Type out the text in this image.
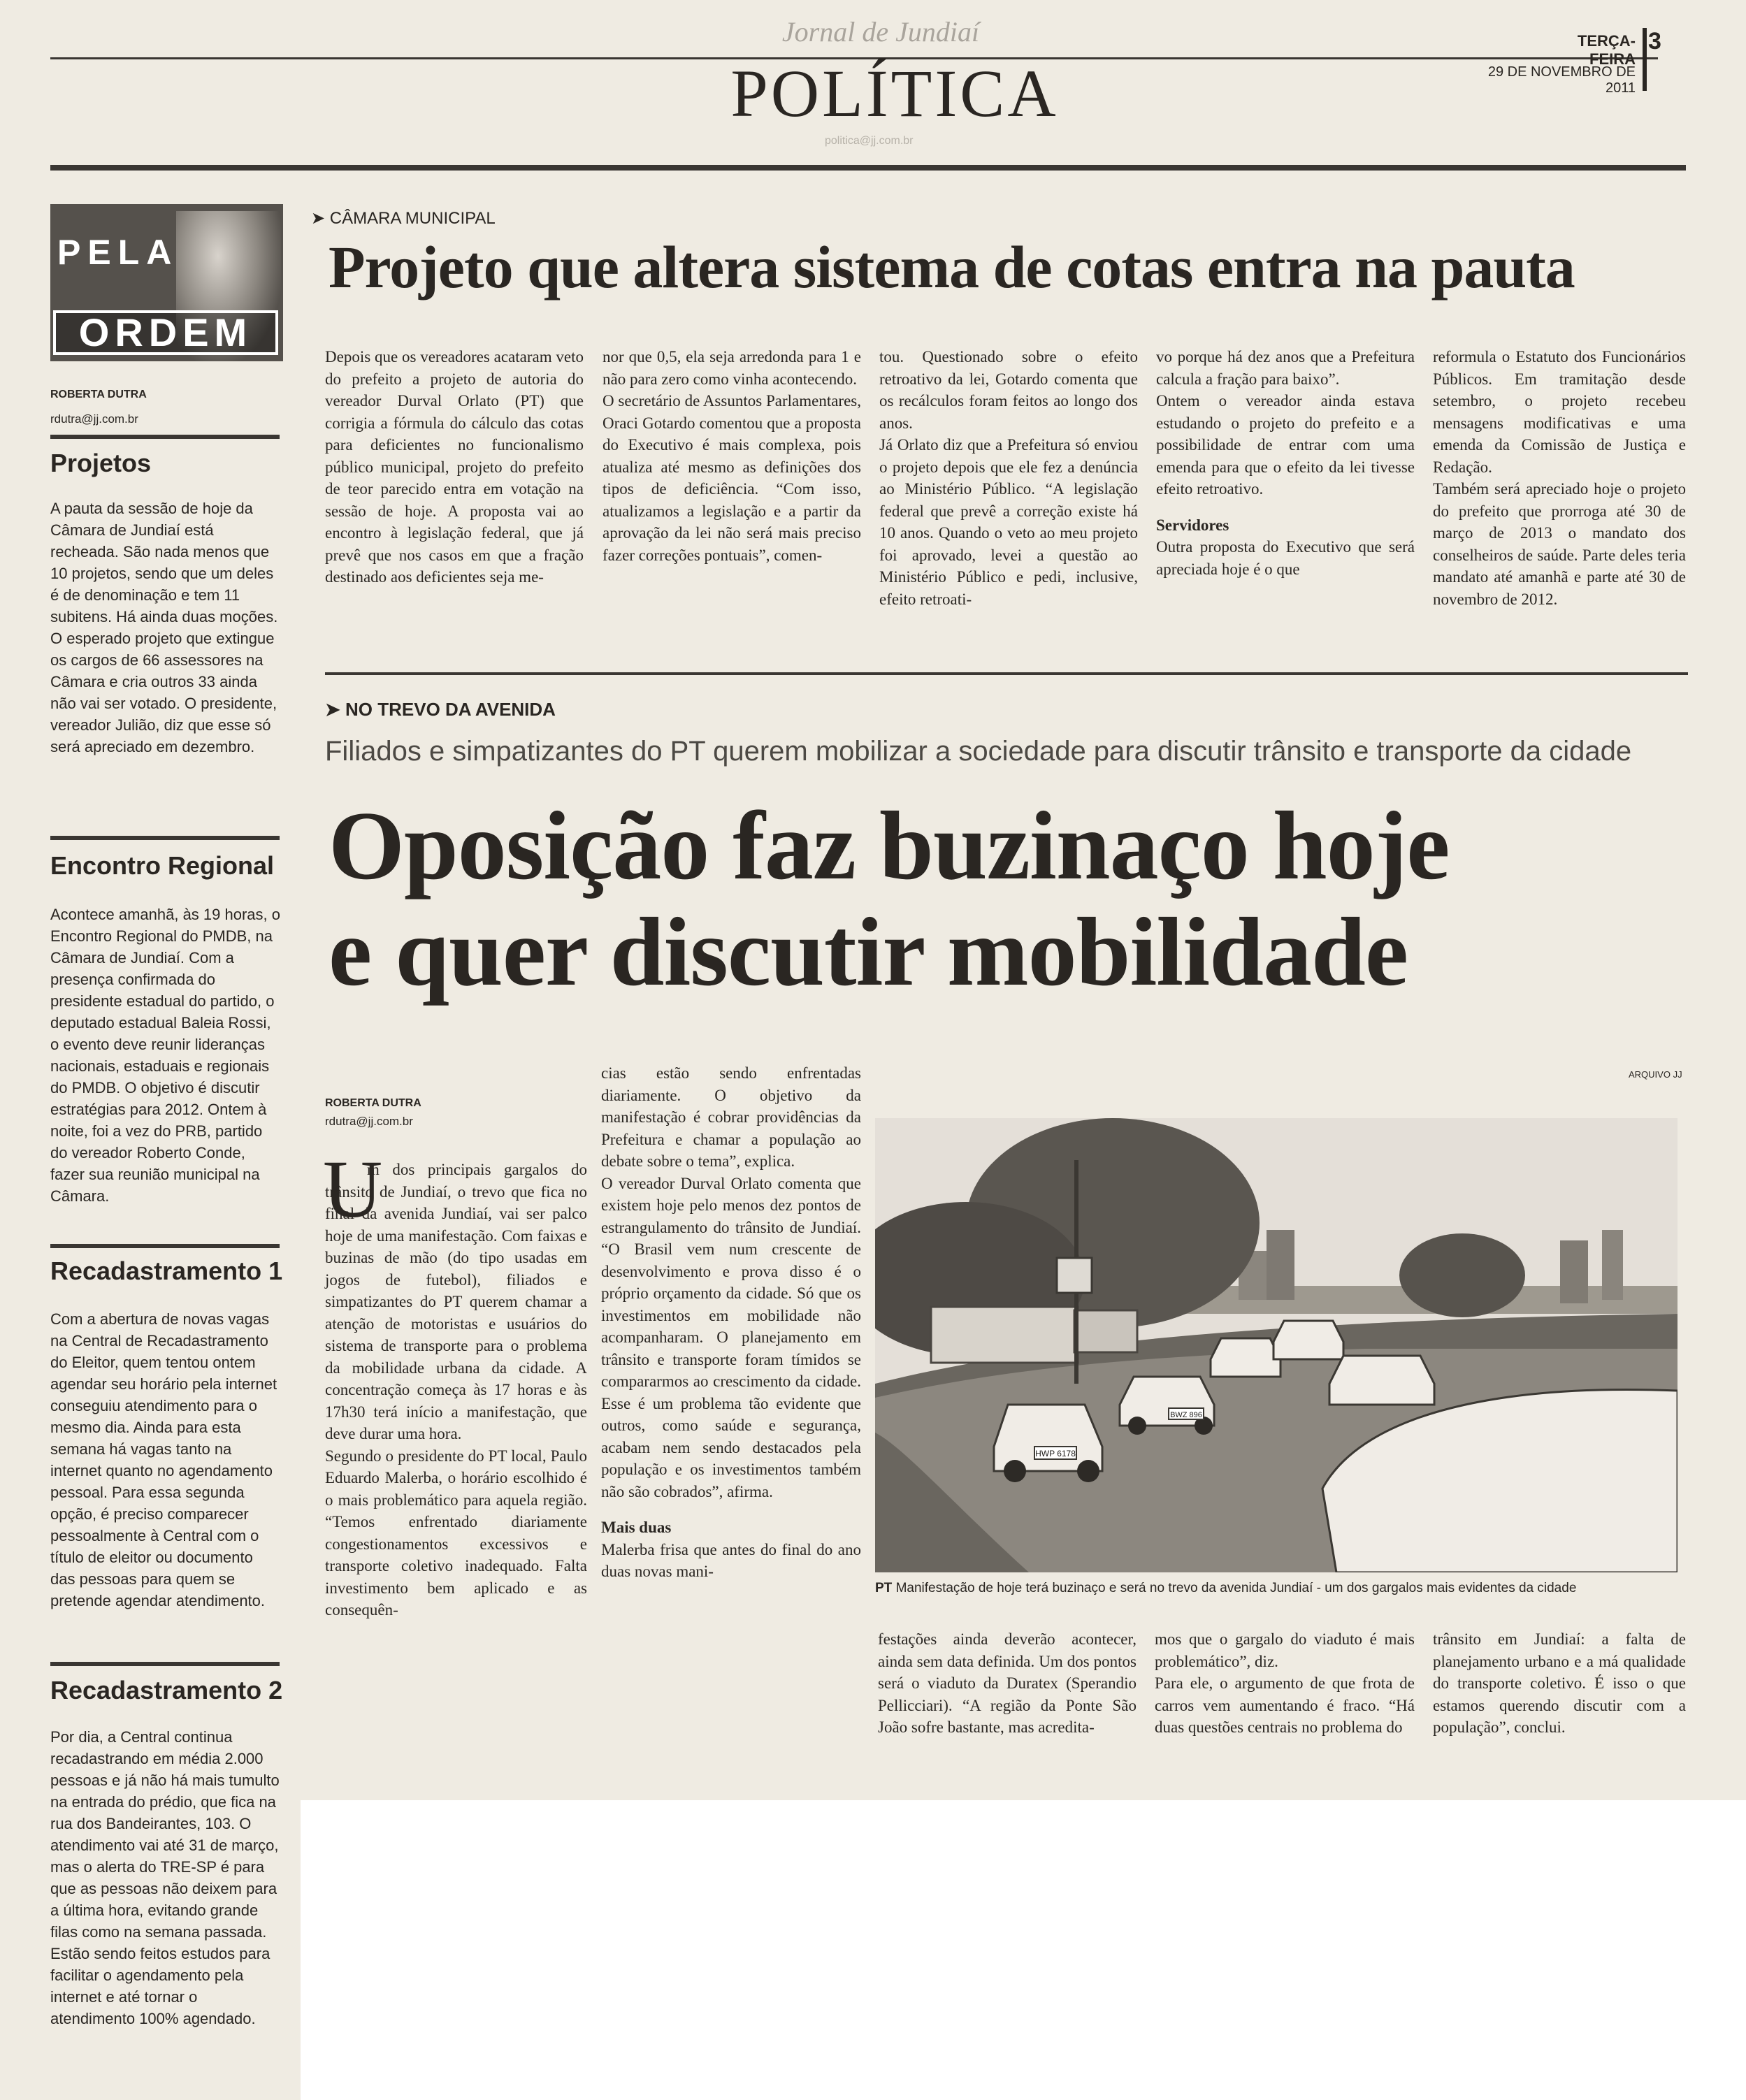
Jornal de Jundiaí	TERÇA-FEIRA
3
29 DE NOVEMBRO DE 2011
POLÍTICA
politica@jj.com.br
PELA
ORDEM
ROBERTA DUTRA
rdutra@jj.com.br
Projetos
A pauta da sessão de hoje da Câmara de Jundiaí está recheada. São nada menos que 10 projetos, sendo que um deles é de denominação e tem 11 subitens. Há ainda duas moções. O esperado projeto que extingue os cargos de 66 assessores na Câmara e cria outros 33 ainda não vai ser votado. O presidente, vereador Julião, diz que esse só será apreciado em dezembro.
Encontro Regional
Acontece amanhã, às 19 horas, o Encontro Regional do PMDB, na Câmara de Jundiaí. Com a presença confirmada do presidente estadual do partido, o deputado estadual Baleia Rossi, o evento deve reunir lideranças nacionais, estaduais e regionais do PMDB. O objetivo é discutir estratégias para 2012. Ontem à noite, foi a vez do PRB, partido do vereador Roberto Conde, fazer sua reunião municipal na Câmara.
Recadastramento 1
Com a abertura de novas vagas na Central de Recadastramento do Eleitor, quem tentou ontem agendar seu horário pela internet conseguiu atendimento para o mesmo dia. Ainda para esta semana há vagas tanto na internet quanto no agendamento pessoal. Para essa segunda opção, é preciso comparecer pessoalmente à Central com o título de eleitor ou documento das pessoas para quem se pretende agendar atendimento.
Recadastramento 2
➤ CÂMARA MUNICIPAL
Projeto que altera sistema de cotas entra na pauta
Depois que os vereadores acataram veto do prefeito a projeto de autoria do vereador Durval Orlato (PT) que corrigia a fórmula do cálculo das cotas para deficientes no funcionalismo público municipal, projeto do prefeito de teor parecido entra em votação na sessão de hoje. A proposta vai ao encontro à legislação federal, que já prevê que nos casos em que a fração destinado aos deficientes seja me-
nor que 0,5, ela seja arredonda para 1 e não para zero como vinha acontecendo.
O secretário de Assuntos Parlamentares, Oraci Gotardo comentou que a proposta do Executivo é mais complexa, pois atualiza até mesmo as definições dos tipos de deficiência. “Com isso, atualizamos a legislação e a partir da aprovação da lei não será mais preciso fazer correções pontuais”, comen-
tou. Questionado sobre o efeito retroativo da lei, Gotardo comenta que os recálculos foram feitos ao longo dos anos.
Já Orlato diz que a Prefeitura só enviou o projeto depois que ele fez a denúncia ao Ministério Público. “A legislação federal que prevê a correção existe há 10 anos. Quando o veto ao meu projeto foi aprovado, levei a questão ao Ministério Público e pedi, inclusive, efeito retroati-
vo porque há dez anos que a Prefeitura calcula a fração para baixo”.
Ontem o vereador ainda estava estudando o projeto do prefeito e a possibilidade de entrar com uma emenda para que o efeito da lei tivesse efeito retroativo.
Servidores
Outra proposta do Executivo que será apreciada hoje é o que
reformula o Estatuto dos Funcionários Públicos. Em tramitação desde setembro, o projeto recebeu mensagens modificativas e uma emenda da Comissão de Justiça e Redação.
Também será apreciado hoje o projeto do prefeito que prorroga até 30 de março de 2013 o mandato dos conselheiros de saúde. Parte deles teria mandato até amanhã e parte até 30 de novembro de 2012.
➤ NO TREVO DA AVENIDA
Filiados e simpatizantes do PT querem mobilizar a sociedade para discutir trânsito e transporte da cidade
Oposição faz buzinaço hoje
e quer discutir mobilidade
ARQUIVO JJ
ROBERTA DUTRA
rdutra@jj.com.br
U
m dos principais gargalos do trânsito de Jundiaí, o trevo que fica no final da avenida Jundiaí, vai ser palco hoje de uma manifestação. Com faixas e buzinas de mão (do tipo usadas em jogos de futebol), filiados e simpatizantes do PT querem chamar a atenção de motoristas e usuários do sistema de transporte para o problema da mobilidade urbana da cidade. A concentração começa às 17 horas e às 17h30 terá início a manifestação, que deve durar uma hora.
Segundo o presidente do PT local, Paulo Eduardo Malerba, o horário escolhido é o mais problemático para aquela região. “Temos enfrentado diariamente congestionamentos excessivos e transporte coletivo inadequado. Falta investimento bem aplicado e as consequên-
cias estão sendo enfrentadas diariamente. O objetivo da manifestação é cobrar providências da Prefeitura e chamar a população ao debate sobre o tema”, explica.
O vereador Durval Orlato comenta que existem hoje pelo menos dez pontos de estrangulamento do trânsito de Jundiaí. “O Brasil vem num crescente de desenvolvimento e prova disso é o próprio orçamento da cidade. Só que os investimentos em mobilidade não acompanharam. O planejamento em trânsito e transporte foram tímidos se compararmos ao crescimento da cidade. Esse é um problema tão evidente que outros, como saúde e segurança, acabam nem sendo destacados pela população e os investimentos também não são cobrados”, afirma.
Mais duas
Malerba frisa que antes do final do ano duas novas mani-
HWP 6178
BWZ 896
PT Manifestação de hoje terá buzinaço e será no trevo da avenida Jundiaí - um dos gargalos mais evidentes da cidade
festações ainda deverão acontecer, ainda sem data definida. Um dos pontos será o viaduto da Duratex (Sperandio Pellicciari). “A região da Ponte São João sofre bastante, mas acredita-
mos que o gargalo do viaduto é mais problemático”, diz.
Para ele, o argumento de que frota de carros vem aumentando é fraco. “Há duas questões centrais no problema do
trânsito em Jundiaí: a falta de planejamento urbano e a má qualidade do transporte coletivo. É isso o que estamos querendo discutir com a população”, conclui.
Por dia, a Central continua recadastrando em média 2.000 pessoas e já não há mais tumulto na entrada do prédio, que fica na rua dos Bandeirantes, 103. O atendimento vai até 31 de março, mas o alerta do TRE-SP é para que as pessoas não deixem para a última hora, evitando grande filas como na semana passada. Estão sendo feitos estudos para facilitar o agendamento pela internet e até tornar o atendimento 100% agendado.
